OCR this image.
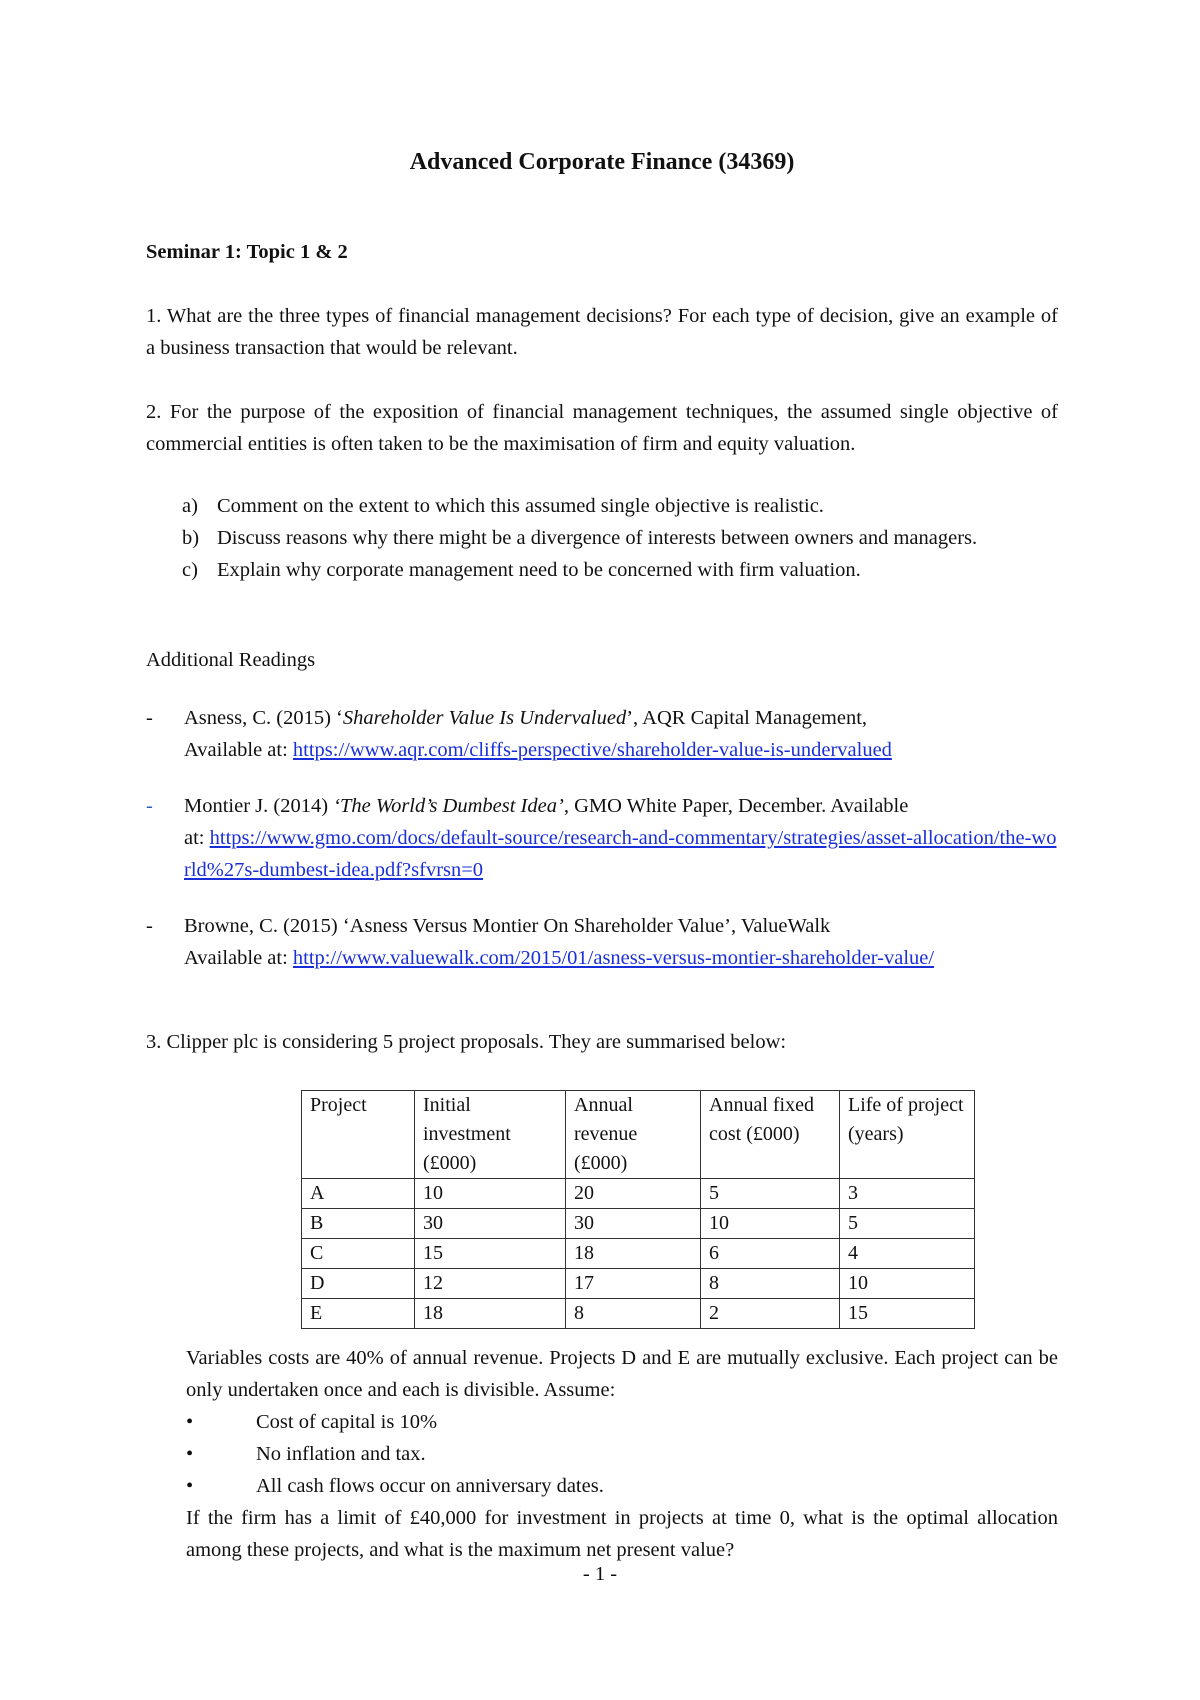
Advanced Corporate Finance (34369)

Seminar 1: Topic 1 & 2

1. What are the three types of financial management decisions? For each type of decision, give an example of a business transaction that would be relevant.

2. For the purpose of the exposition of financial management techniques, the assumed single objective of commercial entities is often taken to be the maximisation of firm and equity valuation.

a) Comment on the extent to which this assumed single objective is realistic.
b) Discuss reasons why there might be a divergence of interests between owners and managers.
c) Explain why corporate management need to be concerned with firm valuation.

Additional Readings

- Asness, C. (2015) ‘Shareholder Value Is Undervalued’, AQR Capital Management,
Available at: https://www.aqr.com/cliffs-perspective/shareholder-value-is-undervalued
- Montier J. (2014) ‘The World’s Dumbest Idea’, GMO White Paper, December. Available
at: https://www.gmo.com/docs/default-source/research-and-commentary/strategies/asset-allocation/the-world%27s-dumbest-idea.pdf?sfvrsn=0
- Browne, C. (2015) ‘Asness Versus Montier On Shareholder Value’, ValueWalk
Available at: http://www.valuewalk.com/2015/01/asness-versus-montier-shareholder-value/

3. Clipper plc is considering 5 project proposals. They are summarised below:

Project	Initial investment (£000)	Annual revenue (£000)	Annual fixed cost (£000)	Life of project (years)
A	10	20	5	3
B	30	30	10	5
C	15	18	6	4
D	12	17	8	10
E	18	8	2	15

Variables costs are 40% of annual revenue. Projects D and E are mutually exclusive. Each project can be only undertaken once and each is divisible. Assume:

•	Cost of capital is 10%
•	No inflation and tax.
•	All cash flows occur on anniversary dates.

If the firm has a limit of £40,000 for investment in projects at time 0, what is the optimal allocation among these projects, and what is the maximum net present value?

- 1 -
